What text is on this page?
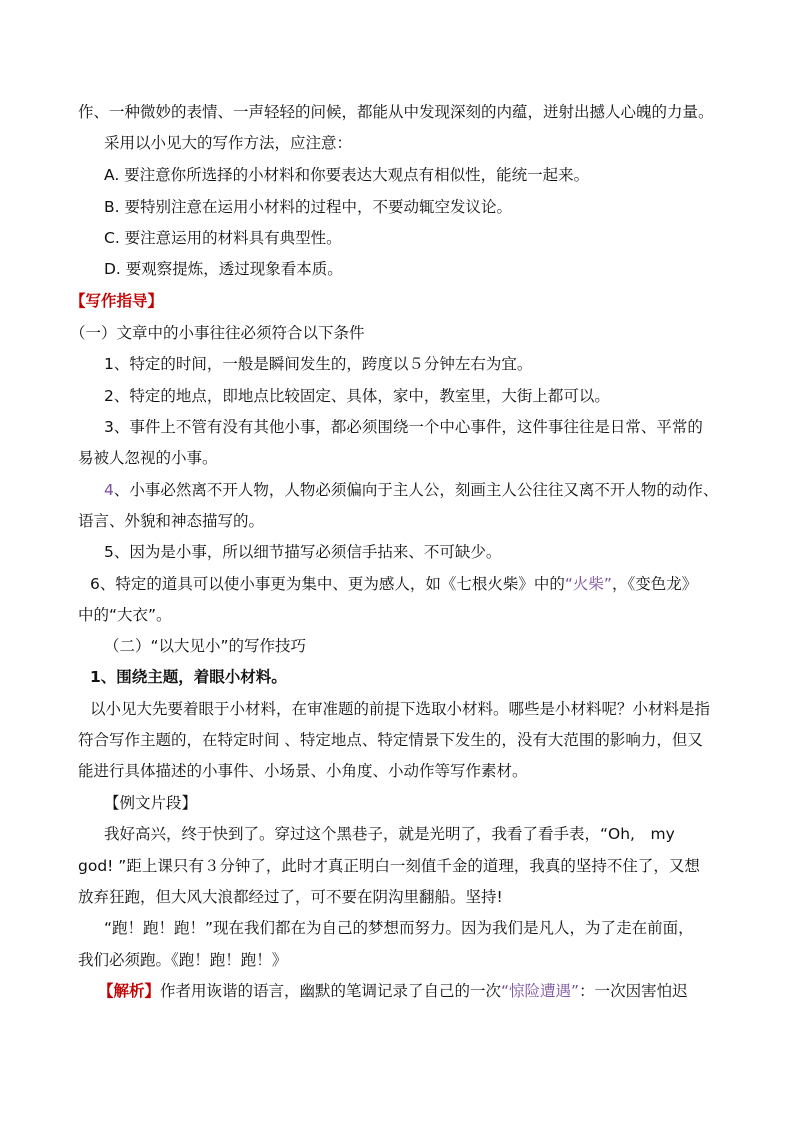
作、一种微妙的表情、一声轻轻的问候，都能从中发现深刻的内蕴，迸射出撼人心魄的力量。
采用以小见大的写作方法，应注意：
A. 要注意你所选择的小材料和你要表达大观点有相似性，能统一起来。
B. 要特别注意在运用小材料的过程中，不要动辄空发议论。
C. 要注意运用的材料具有典型性。
D. 要观察提炼，透过现象看本质。
【写作指导】
（一）文章中的小事往往必须符合以下条件
1、特定的时间，一般是瞬间发生的，跨度以５分钟左右为宜。
2、特定的地点，即地点比较固定、具体，家中，教室里，大街上都可以。
3、事件上不管有没有其他小事，都必须围绕一个中心事件，这件事往往是日常、平常的
易被人忽视的小事。
4、小事必然离不开人物，人物必须偏向于主人公，刻画主人公往往又离不开人物的动作、
语言、外貌和神态描写的。
5、因为是小事，所以细节描写必须信手拈来、不可缺少。
6、特定的道具可以使小事更为集中、更为感人，如《七根火柴》中的“火柴”，《变色龙》
中的“大衣”。
（二）“以大见小”的写作技巧
1、围绕主题，着眼小材料。
以小见大先要着眼于小材料，在审准题的前提下选取小材料。哪些是小材料呢？小材料是指
符合写作主题的，在特定时间 、特定地点、特定情景下发生的，没有大范围的影响力，但又
能进行具体描述的小事件、小场景、小角度、小动作等写作素材。
【例文片段】
我好高兴，终于快到了。穿过这个黑巷子，就是光明了，我看了看手表，“Oh,　my
god! ”距上课只有３分钟了，此时才真正明白一刻值千金的道理，我真的坚持不住了，又想
放弃狂跑，但大风大浪都经过了，可不要在阴沟里翻船。坚持!
“跑！跑！跑！”现在我们都在为自己的梦想而努力。因为我们是凡人，为了走在前面，
我们必须跑。《跑！跑！跑！》
【解析】作者用诙谐的语言，幽默的笔调记录了自己的一次“惊险遭遇”：一次因害怕迟
